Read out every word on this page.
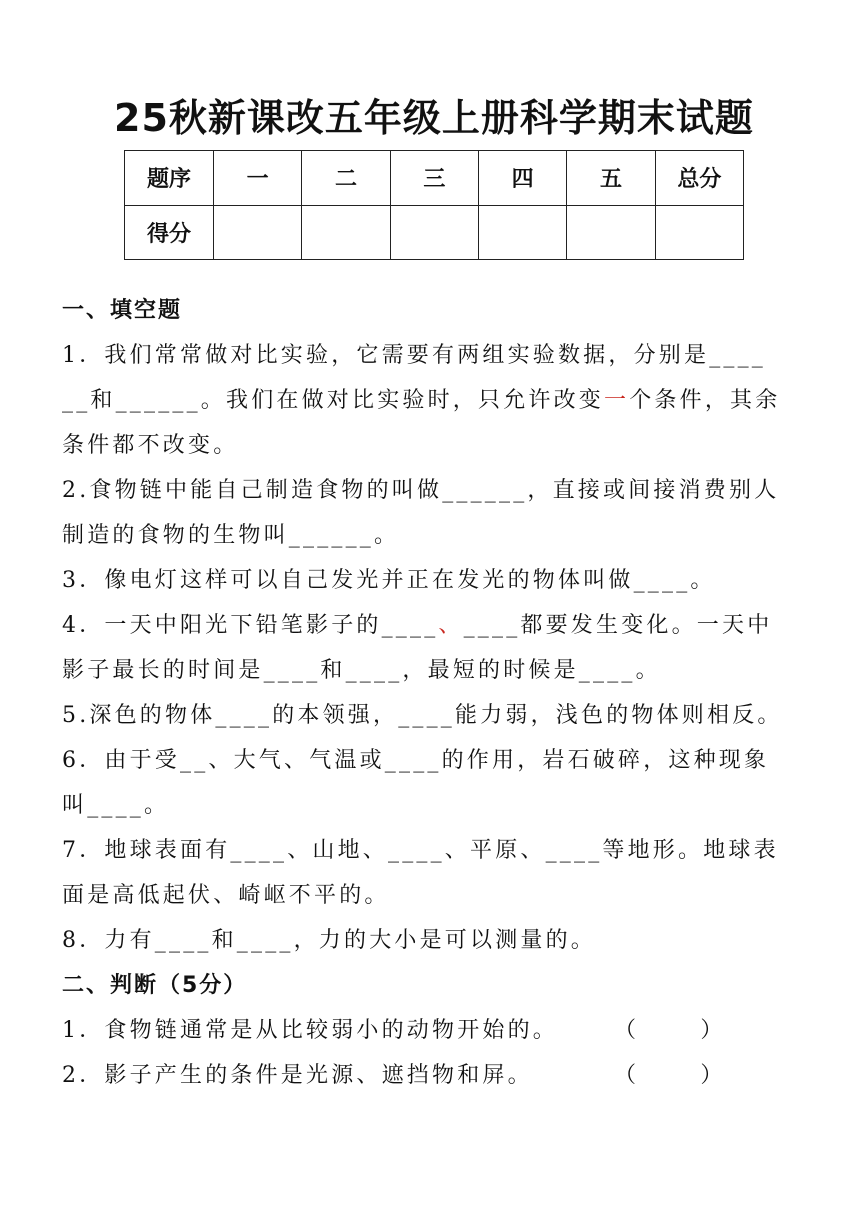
25秋新课改五年级上册科学期末试题
题序	一	二	三	四	五	总分
得分						
一、填空题
1．我们常常做对比实验，它需要有两组实验数据，分别是____
__和______。我们在做对比实验时，只允许改变一个条件，其余
条件都不改变。
2.食物链中能自己制造食物的叫做______，直接或间接消费别人
制造的食物的生物叫______。
3．像电灯这样可以自己发光并正在发光的物体叫做____。
4．一天中阳光下铅笔影子的____、____都要发生变化。一天中
影子最长的时间是____和____，最短的时候是____。
5.深色的物体____的本领强，____能力弱，浅色的物体则相反。
6．由于受__、大气、气温或____的作用，岩石破碎，这种现象
叫____。
7．地球表面有____、山地、____、平原、____等地形。地球表
面是高低起伏、崎岖不平的。
8．力有____和____，力的大小是可以测量的。
二、判断（5分）
1．食物链通常是从比较弱小的动物开始的。	（      ）
2．影子产生的条件是光源、遮挡物和屏。	（      ）
